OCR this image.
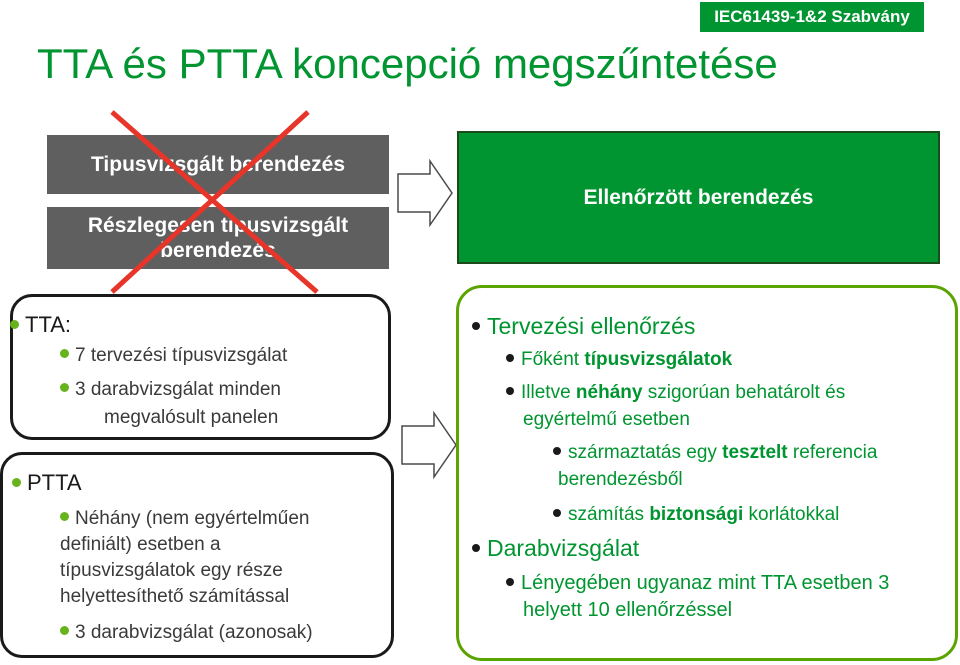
IEC61439-1&2 Szabvány
TTA és PTTA koncepció megszűntetése
Tipusvizsgált berendezés
Részlegesen tipusvizsgált
berendezés
Ellenőrzött berendezés
TTA:
7 tervezési típusvizsgálat
3 darabvizsgálat minden
megvalósult panelen
PTTA
Néhány (nem egyértelműen
definiált) esetben a
típusvizsgálatok egy része
helyettesíthető számítással
3 darabvizsgálat (azonosak)
Tervezési ellenőrzés
Főként típusvizsgálatok
Illetve néhány szigorúan behatárolt és
egyértelmű esetben
származtatás egy tesztelt referencia
berendezésből
számítás biztonsági korlátokkal
Darabvizsgálat
Lényegében ugyanaz mint TTA esetben 3
helyett 10 ellenőrzéssel
